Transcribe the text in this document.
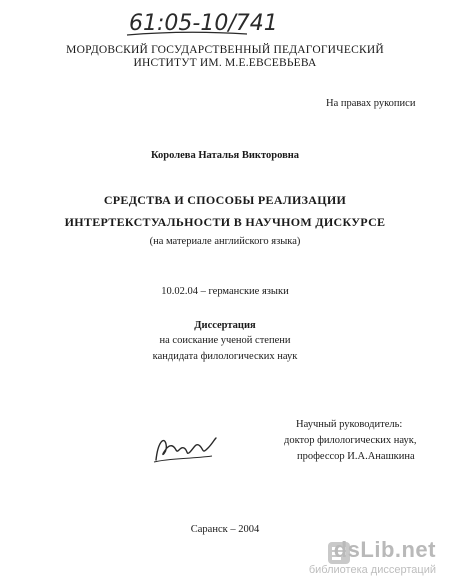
61:05-10/741
МОРДОВСКИЙ ГОСУДАРСТВЕННЫЙ ПЕДАГОГИЧЕСКИЙ
ИНСТИТУТ ИМ. М.Е.ЕВСЕВЬЕВА
На правах рукописи
Королева Наталья Викторовна
СРЕДСТВА И СПОСОБЫ РЕАЛИЗАЦИИ
ИНТЕРТЕКСТУАЛЬНОСТИ В НАУЧНОМ ДИСКУРСЕ
(на материале английского языка)
10.02.04 – германские языки
Диссертация
на соискание ученой степени
кандидата филологических наук
Научный руководитель:
доктор филологических наук,
профессор И.А.Анашкина
Саранск – 2004
dsLib.net
библиотека диссертаций
